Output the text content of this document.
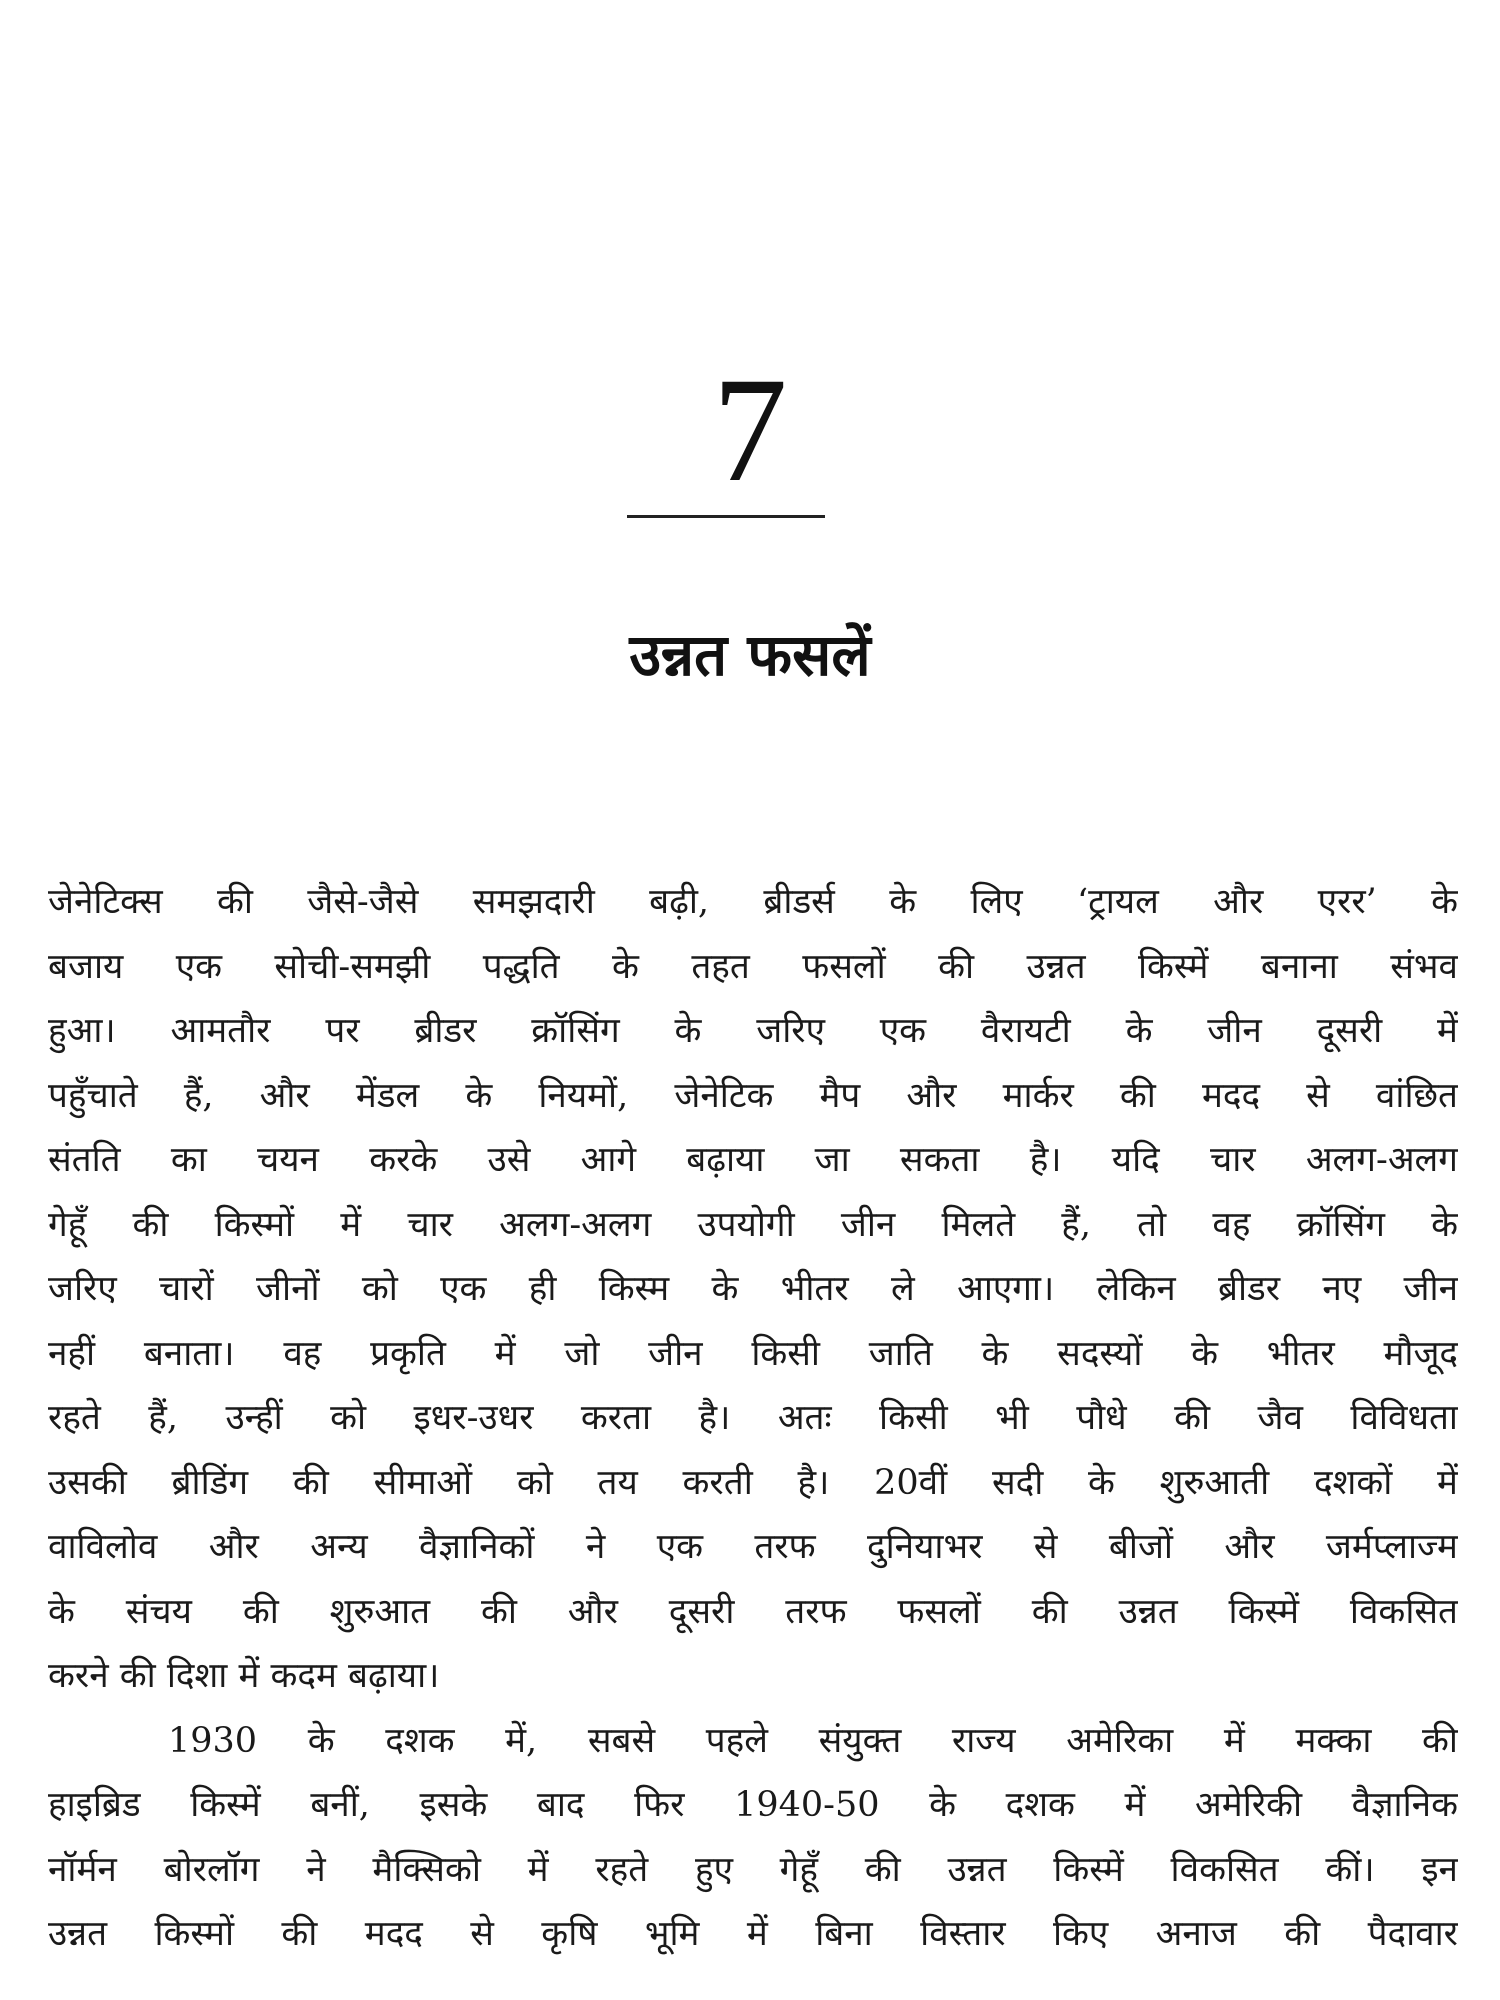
7
उन्नत फसलें
जेनेटिक्स की जैसे-जैसे समझदारी बढ़ी, ब्रीडर्स के लिए ‘ट्रायल और एरर’ के
बजाय एक सोची-समझी पद्धति के तहत फसलों की उन्नत किस्में बनाना संभव
हुआ। आमतौर पर ब्रीडर क्रॉसिंग के जरिए एक वैरायटी के जीन दूसरी में
पहुँचाते हैं, और मेंडल के नियमों, जेनेटिक मैप और मार्कर की मदद से वांछित
संतति का चयन करके उसे आगे बढ़ाया जा सकता है। यदि चार अलग-अलग
गेहूँ की किस्मों में चार अलग-अलग उपयोगी जीन मिलते हैं, तो वह क्रॉसिंग के
जरिए चारों जीनों को एक ही किस्म के भीतर ले आएगा। लेकिन ब्रीडर नए जीन
नहीं बनाता। वह प्रकृति में जो जीन किसी जाति के सदस्यों के भीतर मौजूद
रहते हैं, उन्हीं को इधर-उधर करता है। अतः किसी भी पौधे की जैव विविधता
उसकी ब्रीडिंग की सीमाओं को तय करती है। 20वीं सदी के शुरुआती दशकों में
वाविलोव और अन्य वैज्ञानिकों ने एक तरफ दुनियाभर से बीजों और जर्मप्लाज्म
के संचय की शुरुआत की और दूसरी तरफ फसलों की उन्नत किस्में विकसित
करने की दिशा में कदम बढ़ाया।
1930 के दशक में, सबसे पहले संयुक्त राज्य अमेरिका में मक्का की
हाइब्रिड किस्में बनीं, इसके बाद फिर 1940-50 के दशक में अमेरिकी वैज्ञानिक
नॉर्मन बोरलॉग ने मैक्सिको में रहते हुए गेहूँ की उन्नत किस्में विकसित कीं। इन
उन्नत किस्मों की मदद से कृषि भूमि में बिना विस्तार किए अनाज की पैदावार
